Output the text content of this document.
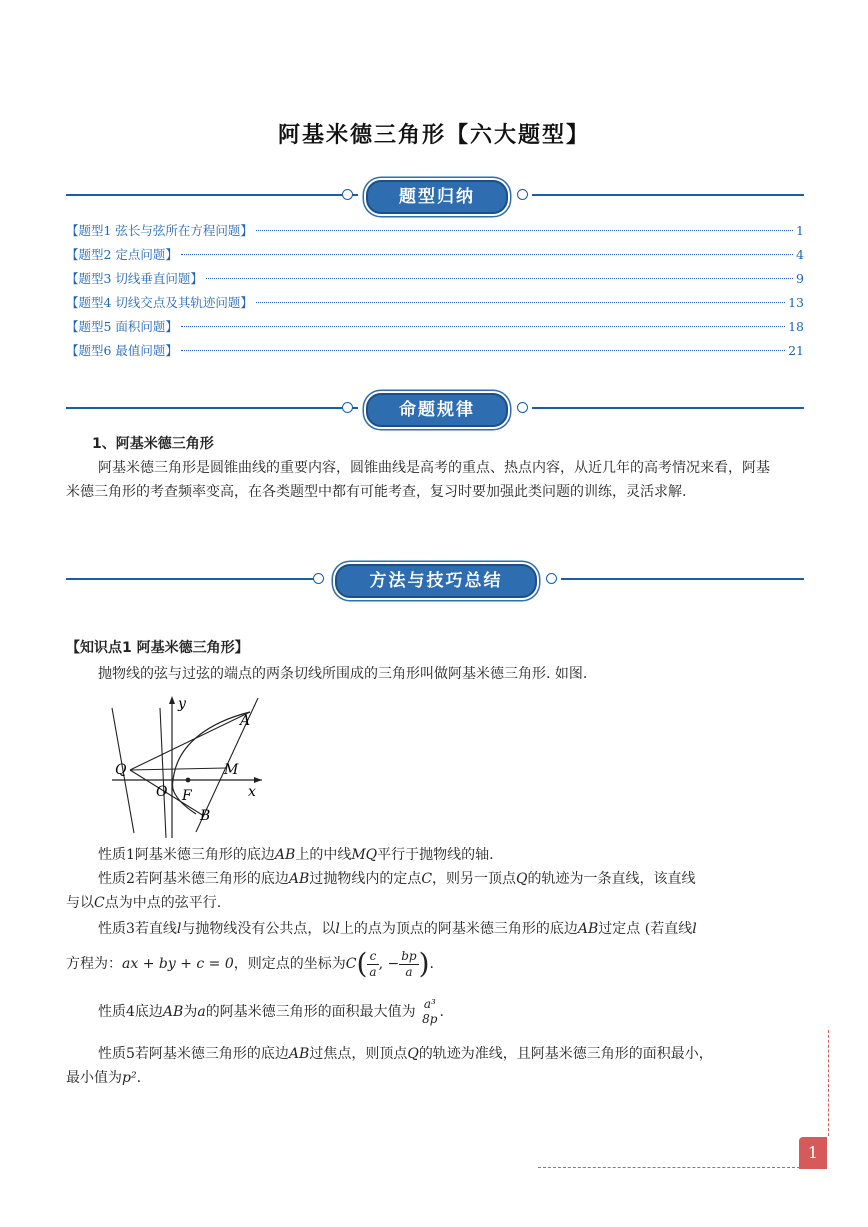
阿基米德三角形【六大题型】
题型归纳
【题型1 弦长与弦所在方程问题】	1
【题型2 定点问题】	4
【题型3 切线垂直问题】	9
【题型4 切线交点及其轨迹问题】	13
【题型5 面积问题】	18
【题型6 最值问题】	21
命题规律
1、阿基米德三角形
阿基米德三角形是圆锥曲线的重要内容，圆锥曲线是高考的重点、热点内容，从近几年的高考情况来看，阿基
米德三角形的考查频率变高，在各类题型中都有可能考查，复习时要加强此类问题的训练，灵活求解.
方法与技巧总结
【知识点1 阿基米德三角形】
抛物线的弦与过弦的端点的两条切线所围成的三角形叫做阿基米德三角形. 如图.
y
x
A
B
Q	M
O F
性质1阿基米德三角形的底边AB上的中线MQ平行于抛物线的轴.
性质2若阿基米德三角形的底边AB过抛物线内的定点C，则另一顶点Q的轨迹为一条直线，该直线
与以C点为中点的弦平行.
性质3若直线l与抛物线没有公共点，以l上的点为顶点的阿基米德三角形的底边AB过定点 (若直线l
方程为：ax + by + c = 0，则定点的坐标为$C( \frac{c}{a}$ , − $\frac{bp}{a}$ ).
性质4底边AB为a的阿基米德三角形的面积最大值为 a³
8p .
性质5若阿基米德三角形的底边AB过焦点，则顶点Q的轨迹为准线，且阿基米德三角形的面积最小，
最小值为p².
1
